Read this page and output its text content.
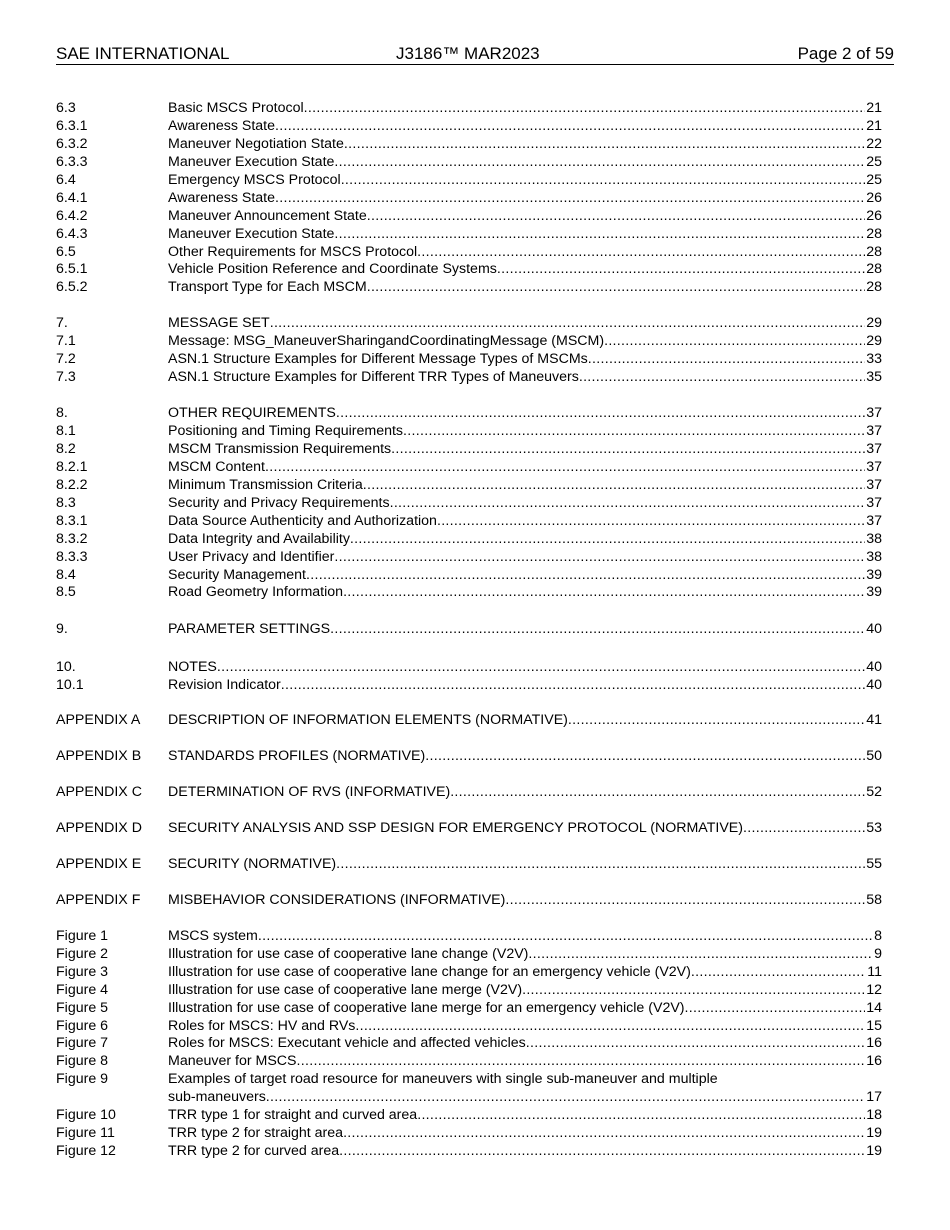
SAE INTERNATIONAL	J3186™ MAR2023	Page 2 of 59
6.3	Basic MSCS Protocol .....	21
6.3.1	Awareness State .....	21
6.3.2	Maneuver Negotiation State .....	22
6.3.3	Maneuver Execution State .....	25
6.4	Emergency MSCS Protocol .....	25
6.4.1	Awareness State .....	26
6.4.2	Maneuver Announcement State .....	26
6.4.3	Maneuver Execution State .....	28
6.5	Other Requirements for MSCS Protocol .....	28
6.5.1	Vehicle Position Reference and Coordinate Systems .....	28
6.5.2	Transport Type for Each MSCM .....	28
7.	MESSAGE SET .....	29
7.1	Message: MSG_ManeuverSharingandCoordinatingMessage (MSCM) .....	29
7.2	ASN.1 Structure Examples for Different Message Types of MSCMs .....	33
7.3	ASN.1 Structure Examples for Different TRR Types of Maneuvers .....	35
8.	OTHER REQUIREMENTS .....	37
8.1	Positioning and Timing Requirements .....	37
8.2	MSCM Transmission Requirements .....	37
8.2.1	MSCM Content .....	37
8.2.2	Minimum Transmission Criteria .....	37
8.3	Security and Privacy Requirements .....	37
8.3.1	Data Source Authenticity and Authorization .....	37
8.3.2	Data Integrity and Availability .....	38
8.3.3	User Privacy and Identifier .....	38
8.4	Security Management .....	39
8.5	Road Geometry Information .....	39
9.	PARAMETER SETTINGS .....	40
10.	NOTES .....	40
10.1	Revision Indicator .....	40
APPENDIX A DESCRIPTION OF INFORMATION ELEMENTS (NORMATIVE) .....	41
APPENDIX B STANDARDS PROFILES (NORMATIVE) .....	50
APPENDIX C DETERMINATION OF RVS (INFORMATIVE) .....	52
APPENDIX D SECURITY ANALYSIS AND SSP DESIGN FOR EMERGENCY PROTOCOL (NORMATIVE) .....	53
APPENDIX E SECURITY (NORMATIVE) .....	55
APPENDIX F MISBEHAVIOR CONSIDERATIONS (INFORMATIVE) .....	58
Figure 1	MSCS system .....	8
Figure 2	Illustration for use case of cooperative lane change (V2V) .....	9
Figure 3	Illustration for use case of cooperative lane change for an emergency vehicle (V2V) .....	11
Figure 4	Illustration for use case of cooperative lane merge (V2V) .....	12
Figure 5	Illustration for use case of cooperative lane merge for an emergency vehicle (V2V) .....	14
Figure 6	Roles for MSCS: HV and RVs .....	15
Figure 7	Roles for MSCS: Executant vehicle and affected vehicles .....	16
Figure 8	Maneuver for MSCS .....	16
Figure 9	Examples of target road resource for maneuvers with single sub-maneuver and multiple
sub-maneuvers .....	17
Figure 10	TRR type 1 for straight and curved area .....	18
Figure 11	TRR type 2 for straight area .....	19
Figure 12	TRR type 2 for curved area .....	19
